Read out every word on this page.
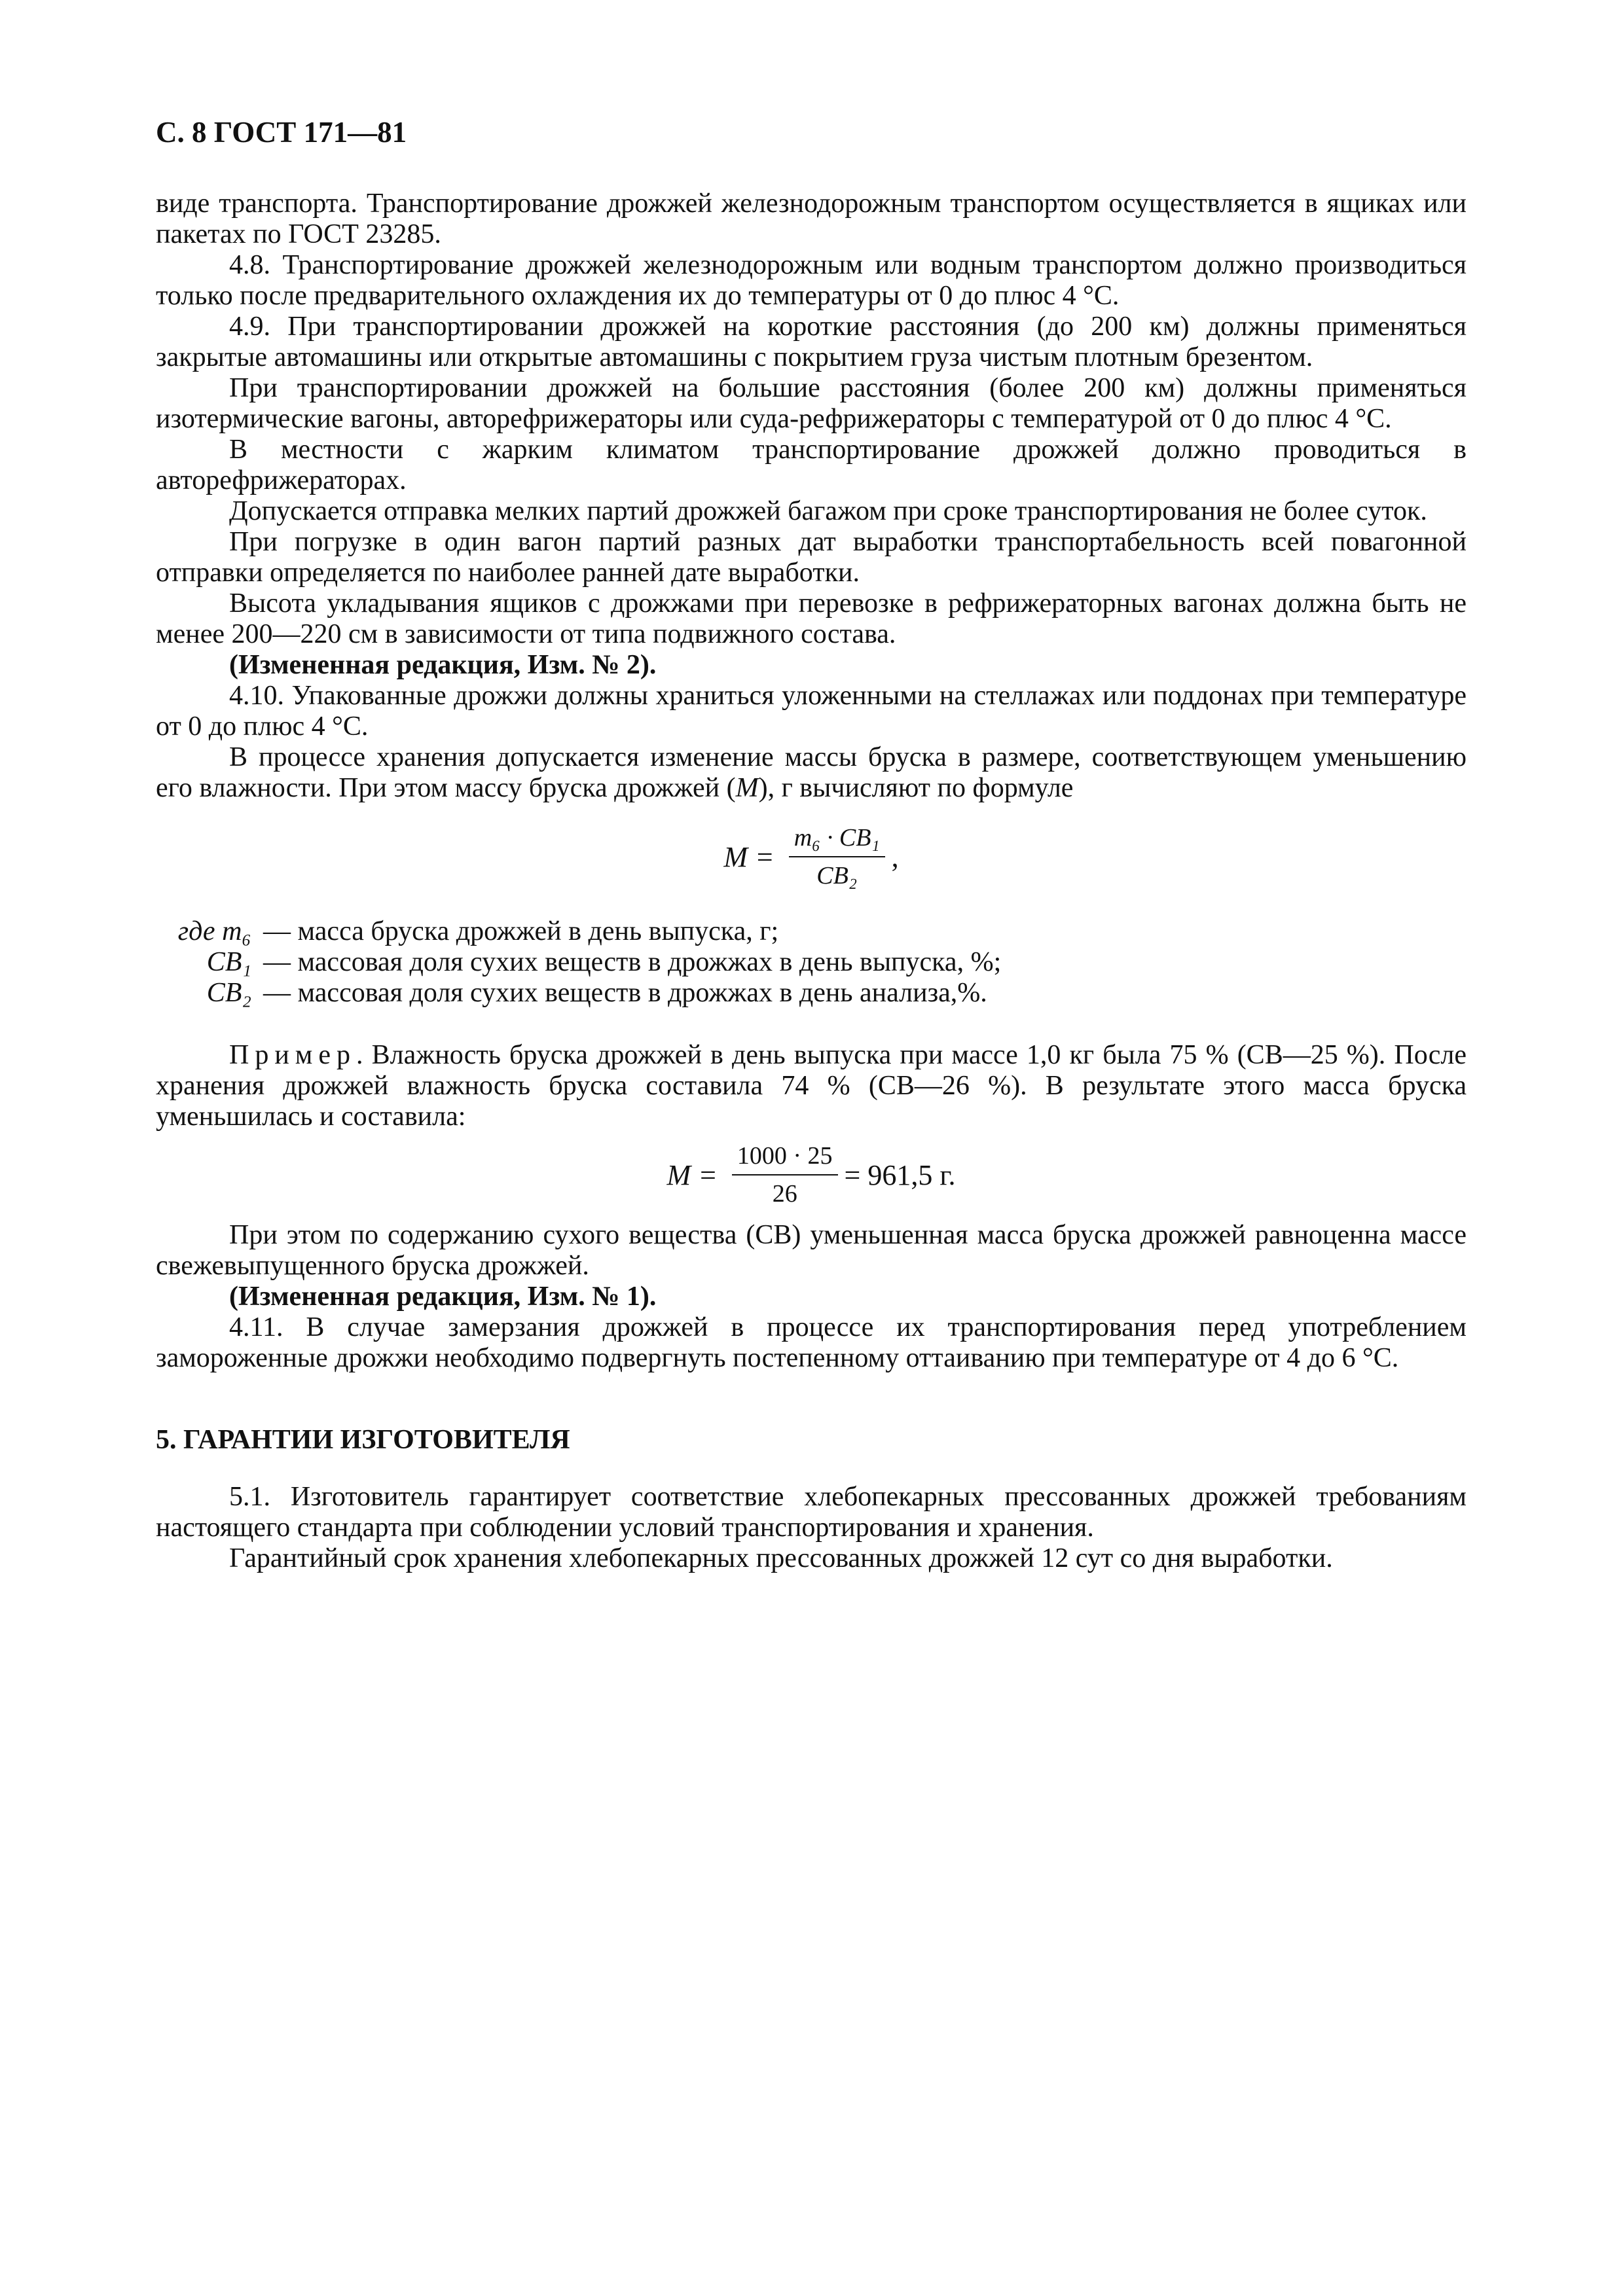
С. 8 ГОСТ 171—81

виде транспорта. Транспортирование дрожжей железнодорожным транспортом осуществляется в ящиках или пакетах по ГОСТ 23285.

4.8. Транспортирование дрожжей железнодорожным или водным транспортом должно производиться только после предварительного охлаждения их до температуры от 0 до плюс 4 °С.

4.9. При транспортировании дрожжей на короткие расстояния (до 200 км) должны применяться закрытые автомашины или открытые автомашины с покрытием груза чистым плотным брезентом.

При транспортировании дрожжей на большие расстояния (более 200 км) должны применяться изотермические вагоны, авторефрижераторы или суда-рефрижераторы с температурой от 0 до плюс 4 °С.

В местности с жарким климатом транспортирование дрожжей должно проводиться в авторефрижераторах.

Допускается отправка мелких партий дрожжей багажом при сроке транспортирования не более суток.

При погрузке в один вагон партий разных дат выработки транспортабельность всей повагонной отправки определяется по наиболее ранней дате выработки.

Высота укладывания ящиков с дрожжами при перевозке в рефрижераторных вагонах должна быть не менее 200—220 см в зависимости от типа подвижного состава.

(Измененная редакция, Изм. № 2).

4.10. Упакованные дрожжи должны храниться уложенными на стеллажах или поддонах при температуре от 0 до плюс 4 °С.

В процессе хранения допускается изменение массы бруска в размере, соответствующем уменьшению его влажности. При этом массу бруска дрожжей (M), г вычисляют по формуле

$M = \frac{\text{m₆ · CB₁}}{\text{CB₂}}$ ,
где m₆ — масса бруска дрожжей в день выпуска, г;
CB₁ — массовая доля сухих веществ в дрожжах в день выпуска, %;
CB₂ — массовая доля сухих веществ в дрожжах в день анализа,%.

Пример. Влажность бруска дрожжей в день выпуска при массе 1,0 кг была 75 % (СВ—25 %). После хранения дрожжей влажность бруска составила 74 % (СВ—26 %). В результате этого масса бруска уменьшилась и составила:

$M = \frac{1000 \cdot 25}{26} = 961,5$ г.

При этом по содержанию сухого вещества (СВ) уменьшенная масса бруска дрожжей равноценна массе свежевыпущенного бруска дрожжей.

(Измененная редакция, Изм. № 1).

4.11. В случае замерзания дрожжей в процессе их транспортирования перед употреблением замороженные дрожжи необходимо подвергнуть постепенному оттаиванию при температуре от 4 до 6 °С.

5. ГАРАНТИИ ИЗГОТОВИТЕЛЯ

5.1. Изготовитель гарантирует соответствие хлебопекарных прессованных дрожжей требованиям настоящего стандарта при соблюдении условий транспортирования и хранения.

Гарантийный срок хранения хлебопекарных прессованных дрожжей 12 сут со дня выработки.
